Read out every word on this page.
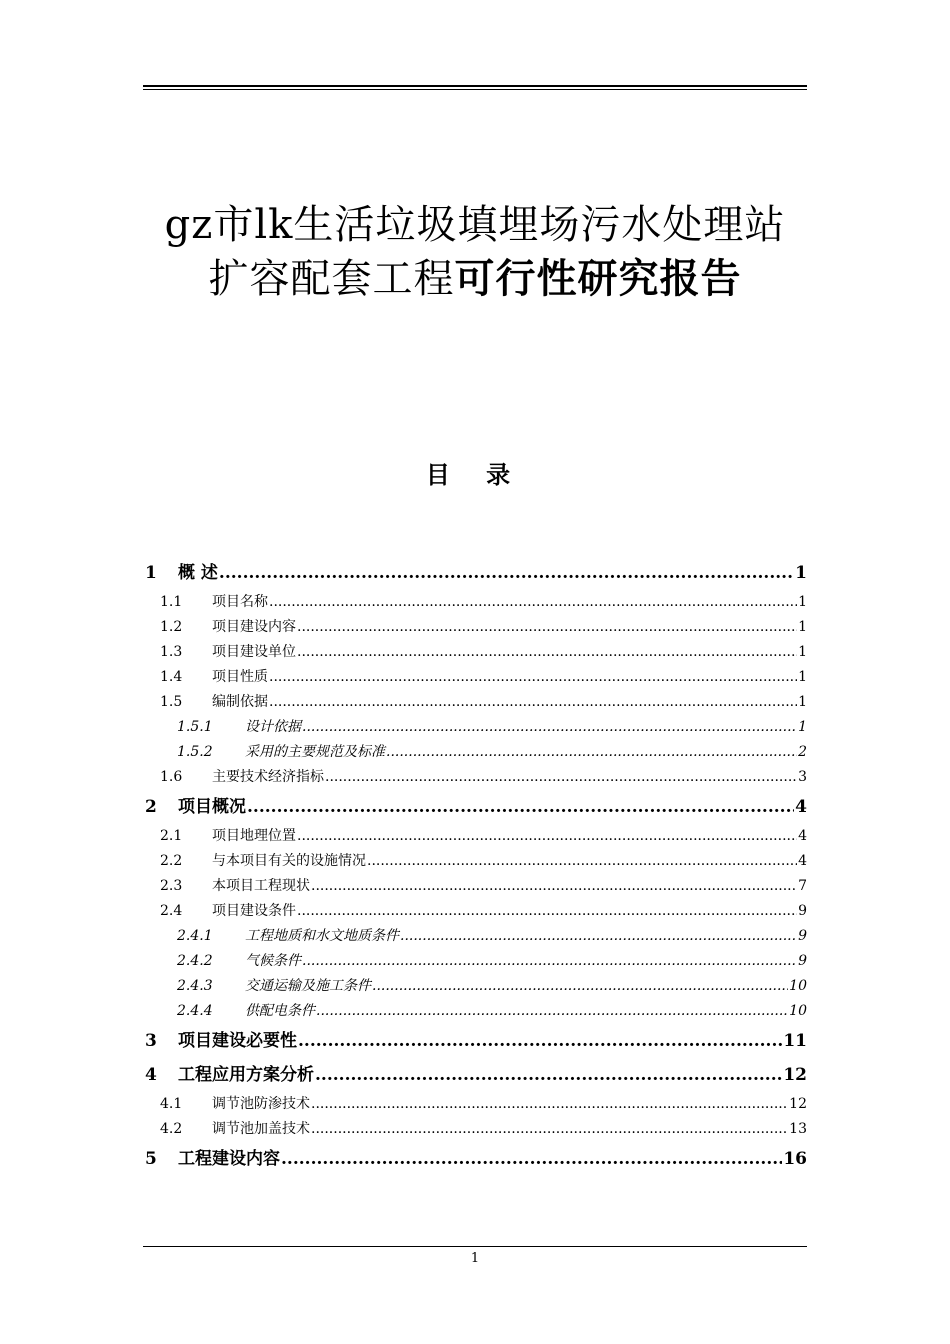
gz市lk生活垃圾填埋场污水处理站
扩容配套工程可行性研究报告
目 录
1	概 述 .....	1
1.1	项目名称 .....	1
1.2	项目建设内容 .....	1
1.3	项目建设单位 .....	1
1.4	项目性质 .....	1
1.5	编制依据 .....	1
1.5.1	设计依据 .....	1
1.5.2	采用的主要规范及标准 .....	2
1.6	主要技术经济指标 .....	3
2	项目概况 .....	4
2.1	项目地理位置 .....	4
2.2	与本项目有关的设施情况 .....	4
2.3	本项目工程现状 .....	7
2.4	项目建设条件 .....	9
2.4.1	工程地质和水文地质条件 .....	9
2.4.2	气候条件 .....	9
2.4.3	交通运输及施工条件 .....	10
2.4.4	供配电条件 .....	10
3	项目建设必要性 .....	11
4	工程应用方案分析 .....	12
4.1	调节池防渗技术 .....	12
4.2	调节池加盖技术 .....	13
5	工程建设内容 .....	16
1
